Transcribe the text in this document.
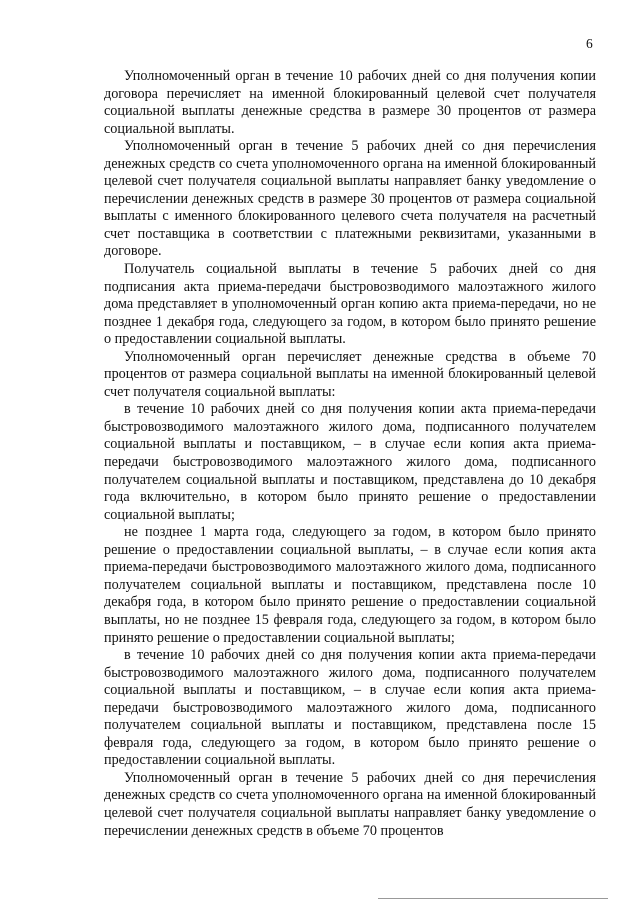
6

Уполномоченный орган в течение 10 рабочих дней со дня получения копии договора перечисляет на именной блокированный целевой счет получателя социальной выплаты денежные средства в размере 30 процентов от размера социальной выплаты.

Уполномоченный орган в течение 5 рабочих дней со дня перечисления денежных средств со счета уполномоченного органа на именной блокированный целевой счет получателя социальной выплаты направляет банку уведомление о перечислении денежных средств в размере 30 процентов от размера социальной выплаты с именного блокированного целевого счета получателя на расчетный счет поставщика в соответствии с платежными реквизитами, указанными в договоре.

Получатель социальной выплаты в течение 5 рабочих дней со дня подписания акта приема-передачи быстровозводимого малоэтажного жилого дома представляет в уполномоченный орган копию акта приема-передачи, но не позднее 1 декабря года, следующего за годом, в котором было принято решение о предоставлении социальной выплаты.

Уполномоченный орган перечисляет денежные средства в объеме 70 процентов от размера социальной выплаты на именной блокированный целевой счет получателя социальной выплаты:

в течение 10 рабочих дней со дня получения копии акта приема-передачи быстровозводимого малоэтажного жилого дома, подписанного получателем социальной выплаты и поставщиком, – в случае если копия акта приема-передачи быстровозводимого малоэтажного жилого дома, подписанного получателем социальной выплаты и поставщиком, представлена до 10 декабря года включительно, в котором было принято решение о предоставлении социальной выплаты;

не позднее 1 марта года, следующего за годом, в котором было принято решение о предоставлении социальной выплаты, – в случае если копия акта приема-передачи быстровозводимого малоэтажного жилого дома, подписанного получателем социальной выплаты и поставщиком, представлена после 10 декабря года, в котором было принято решение о предоставлении социальной выплаты, но не позднее 15 февраля года, следующего за годом, в котором было принято решение о предоставлении социальной выплаты;

в течение 10 рабочих дней со дня получения копии акта приема-передачи быстровозводимого малоэтажного жилого дома, подписанного получателем социальной выплаты и поставщиком, – в случае если копия акта приема-передачи быстровозводимого малоэтажного жилого дома, подписанного получателем социальной выплаты и поставщиком, представлена после 15 февраля года, следующего за годом, в котором было принято решение о предоставлении социальной выплаты.

Уполномоченный орган в течение 5 рабочих дней со дня перечисления денежных средств со счета уполномоченного органа на именной блокированный целевой счет получателя социальной выплаты направляет банку уведомление о перечислении денежных средств в объеме 70 процентов
